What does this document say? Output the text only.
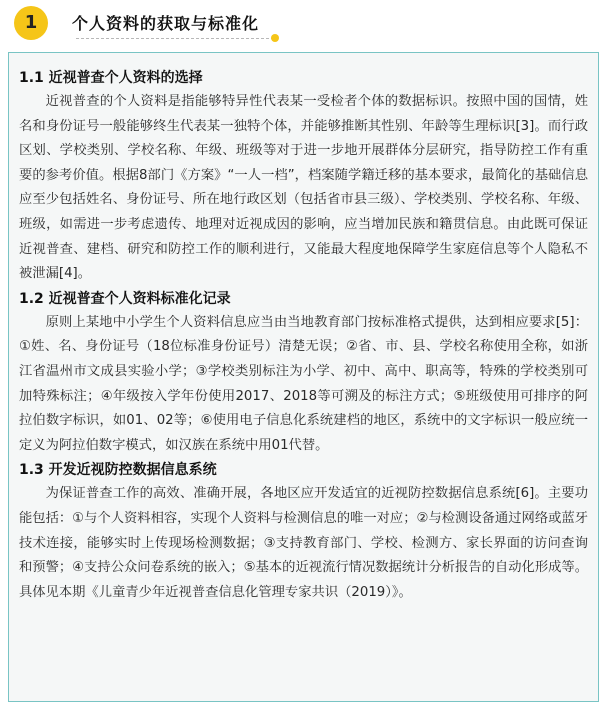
1	个人资料的获取与标准化

1.1 近视普查个人资料的选择

近视普查的个人资料是指能够特异性代表某一受检者个体的数据标识。按照中国的国情，姓名和身份证号一般能够终生代表某一独特个体，并能够推断其性别、年龄等生理标识[3]。而行政区划、学校类别、学校名称、年级、班级等对于进一步地开展群体分层研究，指导防控工作有重要的参考价值。根据8部门《方案》“一人一档”，档案随学籍迁移的基本要求，最简化的基础信息应至少包括姓名、身份证号、所在地行政区划（包括省市县三级）、学校类别、学校名称、年级、班级，如需进一步考虑遗传、地理对近视成因的影响，应当增加民族和籍贯信息。由此既可保证近视普查、建档、研究和防控工作的顺利进行，又能最大程度地保障学生家庭信息等个人隐私不被泄漏[4]。

1.2 近视普查个人资料标准化记录

原则上某地中小学生个人资料信息应当由当地教育部门按标准格式提供，达到相应要求[5]：①姓、名、身份证号（18位标准身份证号）清楚无误；②省、市、县、学校名称使用全称，如浙江省温州市文成县实验小学；③学校类别标注为小学、初中、高中、职高等，特殊的学校类别可加特殊标注；④年级按入学年份使用2017、2018等可溯及的标注方式；⑤班级使用可排序的阿拉伯数字标识，如01、02等；⑥使用电子信息化系统建档的地区，系统中的文字标识一般应统一定义为阿拉伯数字模式，如汉族在系统中用01代替。

1.3 开发近视防控数据信息系统

为保证普查工作的高效、准确开展，各地区应开发适宜的近视防控数据信息系统[6]。主要功能包括：①与个人资料相容，实现个人资料与检测信息的唯一对应；②与检测设备通过网络或蓝牙技术连接，能够实时上传现场检测数据；③支持教育部门、学校、检测方、家长界面的访问查询和预警；④支持公众问卷系统的嵌入；⑤基本的近视流行情况数据统计分析报告的自动化形成等。具体见本期《儿童青少年近视普查信息化管理专家共识（2019）》。
